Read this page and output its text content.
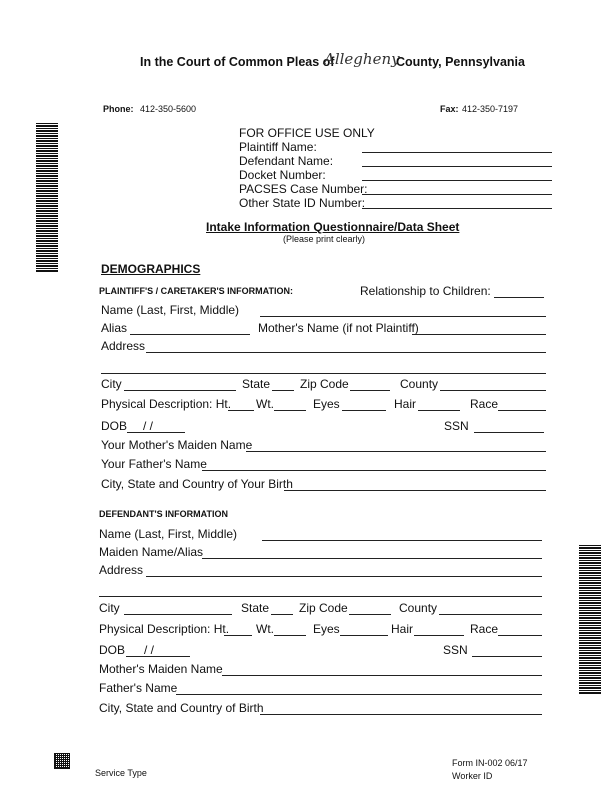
In the Court of Common Pleas of
Allegheny
County, Pennsylvania
Phone: 412-350-5600	Fax: 412-350-7197
FOR OFFICE USE ONLY
Plaintiff Name:
Defendant Name:
Docket Number:
PACSES Case Number:
Other State ID Number:
Intake Information Questionnaire/Data Sheet
(Please print clearly)
DEMOGRAPHICS
PLAINTIFF'S / CARETAKER'S INFORMATION:	Relationship to Children:
Name (Last, First, Middle)
Alias	Mother's Name (if not Plaintiff)
Address
City	State Zip Code	County
Physical Description: Ht. Wt.	Eyes	Hair	Race
DOB / /	SSN
Your Mother's Maiden Name
Your Father's Name
City, State and Country of Your Birth
DEFENDANT'S INFORMATION
Name (Last, First, Middle)
Maiden Name/Alias
Address
City	State Zip Code	County
Physical Description: Ht. Wt.	Eyes	Hair	Race
DOB / /	SSN
Mother's Maiden Name
Father's Name
City, State and Country of Birth
Service Type
Form IN-002 06/17
Worker ID
